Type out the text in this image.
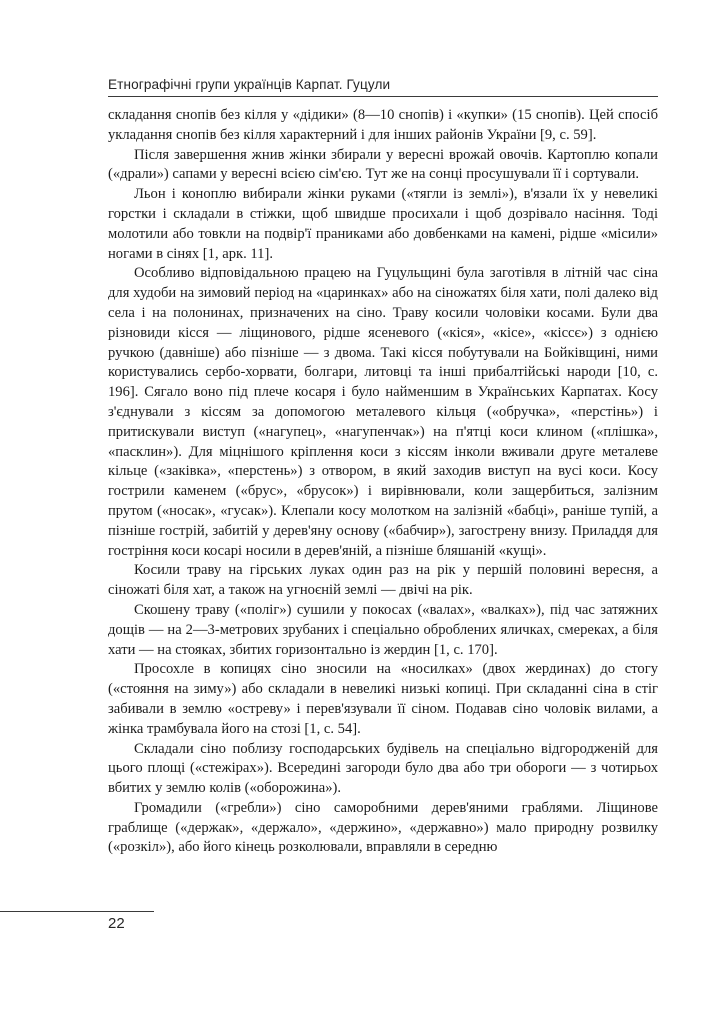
Етнографічні групи українців Карпат. Гуцули

складання снопів без кілля у «дідики» (8—10 снопів) і «купки» (15 снопів). Цей спосіб укладання снопів без кілля характерний і для інших районів України [9, с. 59].

Після завершення жнив жінки збирали у вересні врожай овочів. Картоплю копали («драли») сапами у вересні всією сім'єю. Тут же на сонці просушували її і сортували.

Льон і коноплю вибирали жінки руками («тягли із землі»), в'язали їх у невеликі горстки і складали в стіжки, щоб швидше просихали і щоб дозрівало насіння. Тоді молотили або товкли на подвір'ї праниками або довбенками на камені, рідше «місили» ногами в сінях [1, арк. 11].

Особливо відповідальною працею на Гуцульщині була заготівля в літній час сіна для худоби на зимовий період на «царинках» або на сіножатях біля хати, полі далеко від села і на полонинах, призначених на сіно. Траву косили чоловіки косами. Були два різновиди кісся — ліщинового, рідше ясеневого («кіся», «кісе», «кіссє») з однією ручкою (давніше) або пізніше — з двома. Такі кісся побутували на Бойківщині, ними користувались сербо-хорвати, болгари, литовці та інші прибалтійські народи [10, с. 196]. Сягало воно під плече косаря і було найменшим в Українських Карпатах. Косу з'єднували з кіссям за допомогою металевого кільця («обручка», «перстінь») і притискували виступ («нагупец», «нагупенчак») на п'ятці коси клином («плішка», «пасклин»). Для міцнішого кріплення коси з кіссям інколи вживали друге металеве кільце («заківка», «перстень») з отвором, в який заходив виступ на вусі коси. Косу гострили каменем («брус», «брусок») і вирівнювали, коли защербиться, залізним прутом («носак», «гусак»). Клепали косу молотком на залізній «бабці», раніше тупій, а пізніше гострій, забитій у дерев'яну основу («бабчир»), загострену внизу. Приладдя для гостріння коси косарі носили в дерев'яній, а пізніше бляшаній «кущі».

Косили траву на гірських луках один раз на рік у першій половині вересня, а сіножаті біля хат, а також на угноєній землі — двічі на рік.

Скошену траву («поліг») сушили у покосах («валах», «валках»), під час затяжних дощів — на 2—3-метрових зрубаних і спеціально оброблених яличках, смереках, а біля хати — на стояках, збитих горизонтально із жердин [1, с. 170].

Просохле в копицях сіно зносили на «носилках» (двох жердинах) до стогу («стояння на зиму») або складали в невеликі низькі копиці. При складанні сіна в стіг забивали в землю «остреву» і перев'язували її сіном. Подавав сіно чоловік вилами, а жінка трамбувала його на стозі [1, с. 54].

Складали сіно поблизу господарських будівель на спеціально відгородженій для цього площі («стежірах»). Всередині загороди було два або три обороги — з чотирьох вбитих у землю колів («оборожина»).

Громадили («гребли») сіно саморобними дерев'яними граблями. Ліщинове граблище («держак», «держало», «держино», «державно») мало природну розвилку («розкіл»), або його кінець розколювали, вправляли в середню

22
